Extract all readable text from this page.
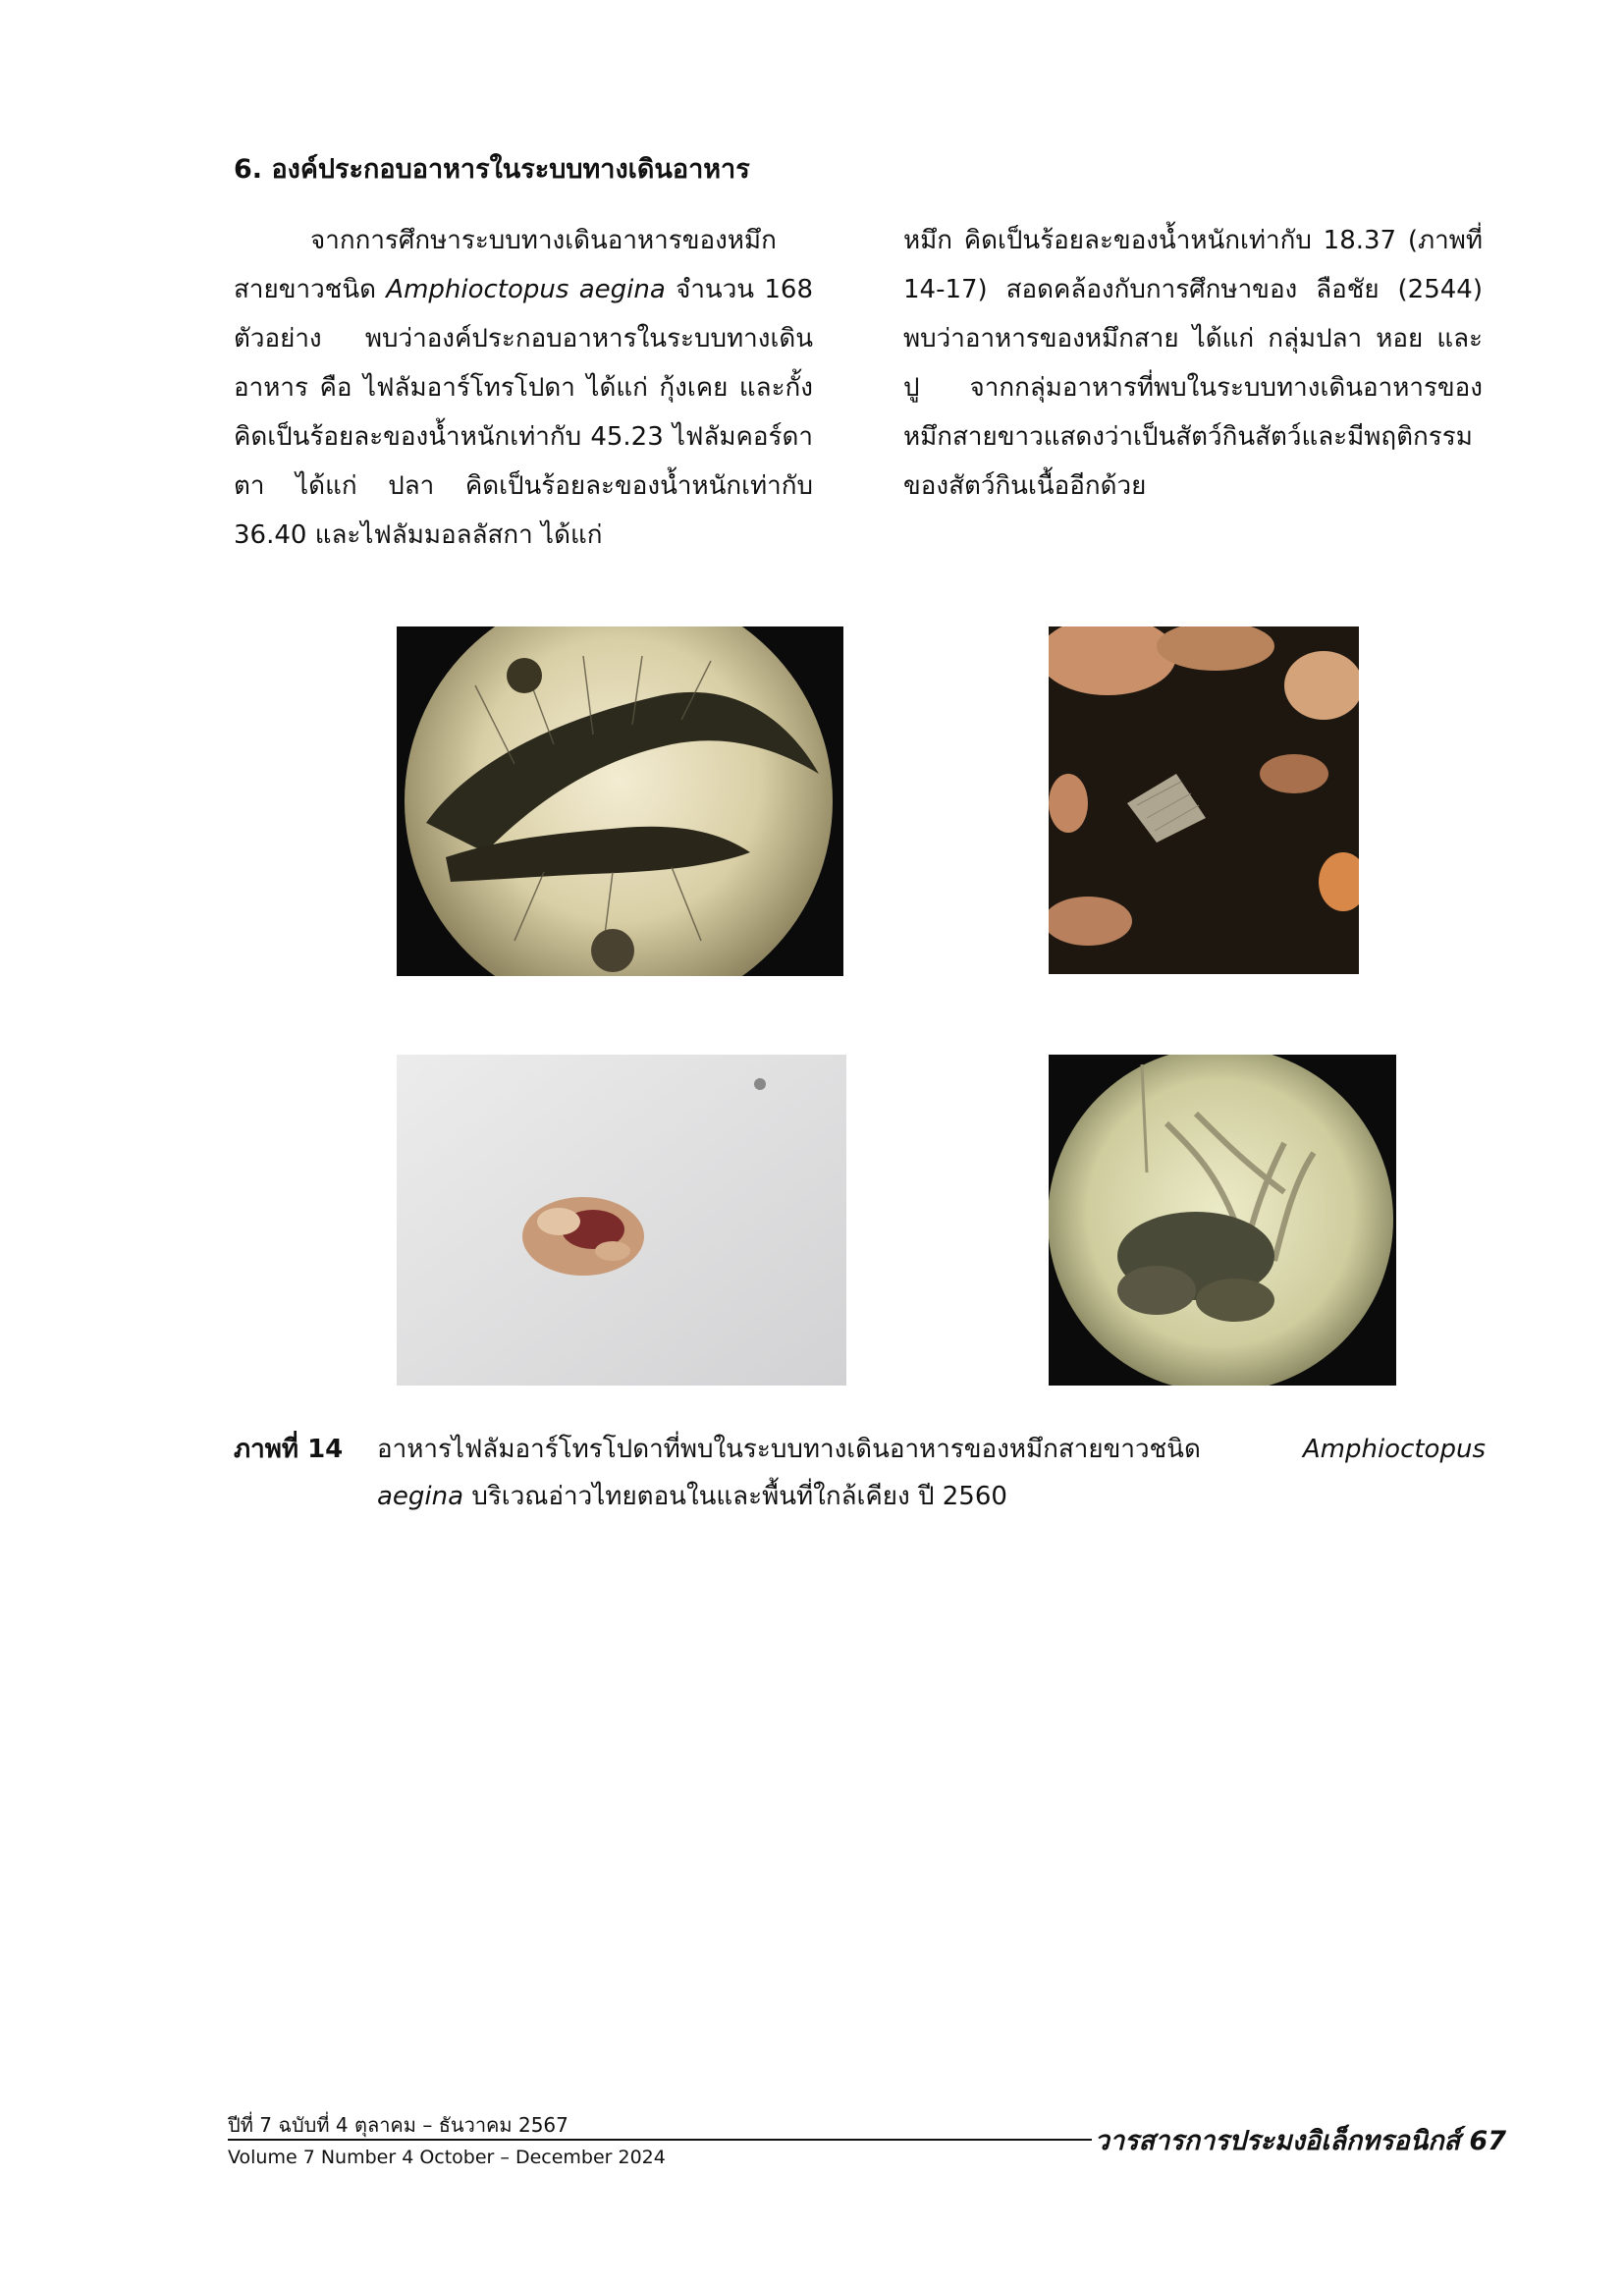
6. องค์ประกอบอาหารในระบบทางเดินอาหาร

จากการศึกษาระบบทางเดินอาหารของหมึกสายขาวชนิด Amphioctopus aegina จำนวน 168 ตัวอย่าง พบว่าองค์ประกอบอาหารในระบบทางเดินอาหาร คือ ไฟลัมอาร์โทรโปดา ได้แก่ กุ้งเคย และกั้งคิดเป็นร้อยละของน้ำหนักเท่ากับ 45.23 ไฟลัมคอร์ดาตา ได้แก่ ปลา คิดเป็นร้อยละของน้ำหนักเท่ากับ 36.40 และไฟลัมมอลลัสกา ได้แก่

หมึก คิดเป็นร้อยละของน้ำหนักเท่ากับ 18.37 (ภาพที่ 14-17) สอดคล้องกับการศึกษาของ ลือชัย (2544) พบว่าอาหารของหมึกสาย ได้แก่ กลุ่มปลา หอย และ ปู จากกลุ่มอาหารที่พบในระบบทางเดินอาหารของหมึกสายขาวแสดงว่าเป็นสัตว์กินสัตว์และมีพฤติกรรมของสัตว์กินเนื้ออีกด้วย

ภาพที่ 14 อาหารไฟลัมอาร์โทรโปดาที่พบในระบบทางเดินอาหารของหมึกสายขาวชนิด Amphioctopus aegina บริเวณอ่าวไทยตอนในและพื้นที่ใกล้เคียง ปี 2560
ปีที่ 7 ฉบับที่ 4 ตุลาคม – ธันวาคม 2567
Volume 7 Number 4 October – December 2024
วารสารการประมงอิเล็กทรอนิกส์ 67
